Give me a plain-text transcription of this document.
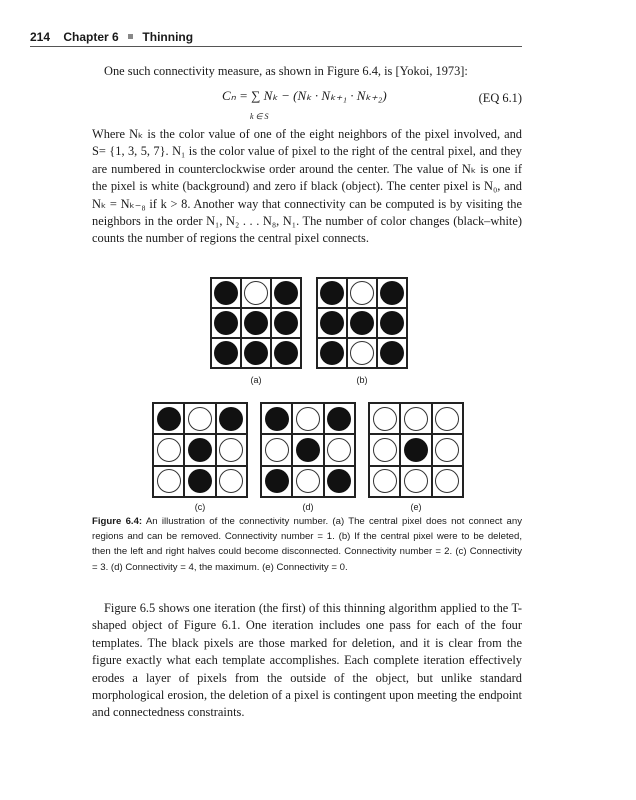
214 Chapter 6 Thinning
One such connectivity measure, as shown in Figure 6.4, is [Yokoi, 1973]:
Cₙ = ∑ Nₖ − (Nₖ · Nₖ₊₁ · Nₖ₊₂)
k ∈ S
(EQ 6.1)
Where Nₖ is the color value of one of the eight neighbors of the pixel involved, and S= {1, 3, 5, 7}. N₁ is the color value of pixel to the right of the central pixel, and they are numbered in counterclockwise order around the center. The value of Nₖ is one if the pixel is white (background) and zero if black (object). The center pixel is N₀, and Nₖ = Nₖ₋₈ if k > 8. Another way that connectivity can be computed is by visiting the neighbors in the order N₁, N₂ . . . N₈, N₁. The number of color changes (black–white) counts the number of regions the central pixel connects.
(a)	(b)
(c)	(d)	(e)
Figure 6.4: An illustration of the connectivity number. (a) The central pixel does not connect any regions and can be removed. Connectivity number = 1. (b) If the central pixel were to be deleted, then the left and right halves could become disconnected. Connectivity number = 2. (c) Connectivity = 3. (d) Connectivity = 4, the maximum. (e) Connectivity = 0.
Figure 6.5 shows one iteration (the first) of this thinning algorithm applied to the T-shaped object of Figure 6.1. One iteration includes one pass for each of the four templates. The black pixels are those marked for deletion, and it is clear from the figure exactly what each template accomplishes. Each complete iteration effectively erodes a layer of pixels from the outside of the object, but unlike standard morphological erosion, the deletion of a pixel is contingent upon meeting the endpoint and connectedness constraints.
